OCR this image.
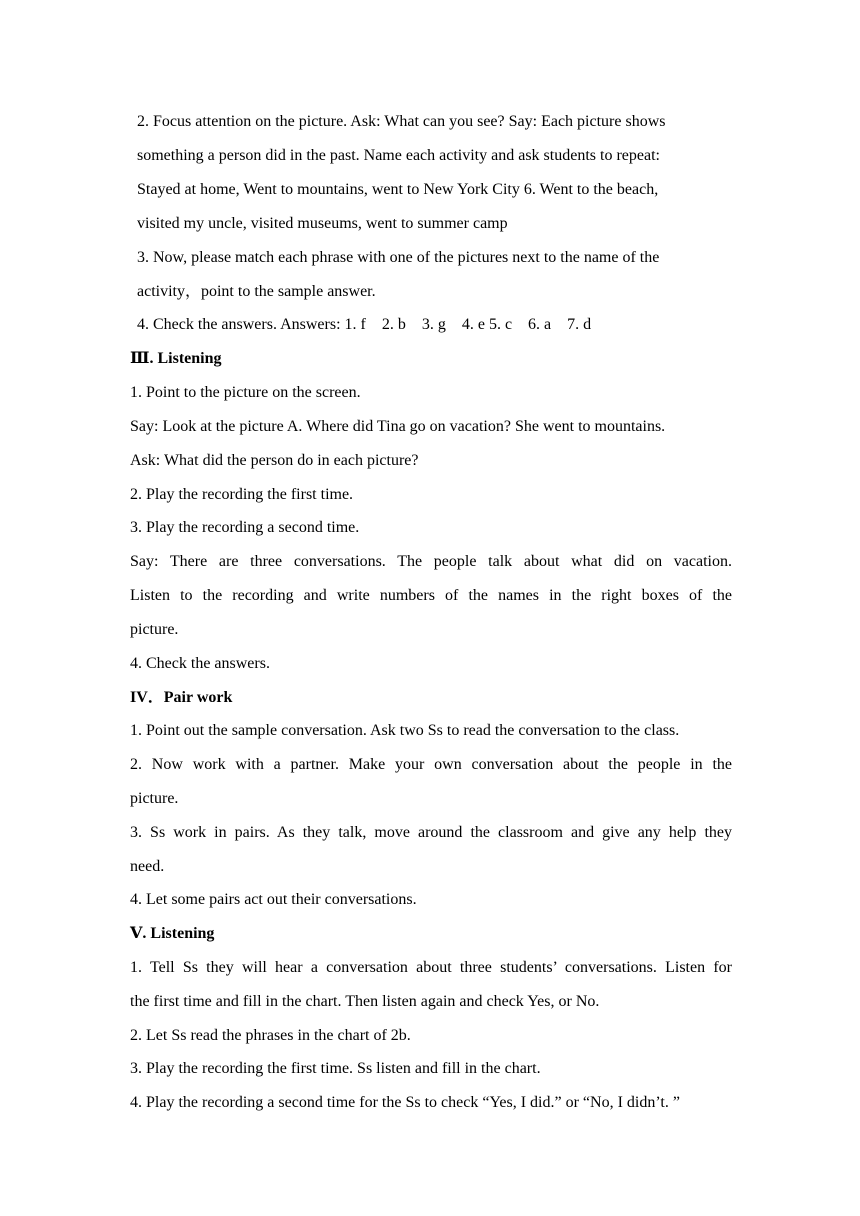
2. Focus attention on the picture. Ask: What can you see? Say: Each picture shows
something a person did in the past. Name each activity and ask students to repeat:
Stayed at home, Went to mountains, went to New York City 6. Went to the beach,
visited my uncle, visited museums, went to summer camp
3. Now, please match each phrase with one of the pictures next to the name of the
activity，point to the sample answer.
4. Check the answers. Answers: 1. f    2. b    3. g    4. e 5. c    6. a    7. d
Ⅲ. Listening
1. Point to the picture on the screen.
Say: Look at the picture A. Where did Tina go on vacation? She went to mountains.
Ask: What did the person do in each picture?
2. Play the recording the first time.
3. Play the recording a second time.
Say: There are three conversations. The people talk about what did on vacation.
Listen to the recording and write numbers of the names in the right boxes of the
picture.
4. Check the answers.
IV．Pair work
1. Point out the sample conversation. Ask two Ss to read the conversation to the class.
2. Now work with a partner. Make your own conversation about the people in the
picture.
3. Ss work in pairs. As they talk, move around the classroom and give any help they
need.
4. Let some pairs act out their conversations.
Ⅴ. Listening
1. Tell Ss they will hear a conversation about three students’ conversations. Listen for
the first time and fill in the chart. Then listen again and check Yes, or No.
2. Let Ss read the phrases in the chart of 2b.
3. Play the recording the first time. Ss listen and fill in the chart.
4. Play the recording a second time for the Ss to check “Yes, I did.” or “No, I didn’t. ”
